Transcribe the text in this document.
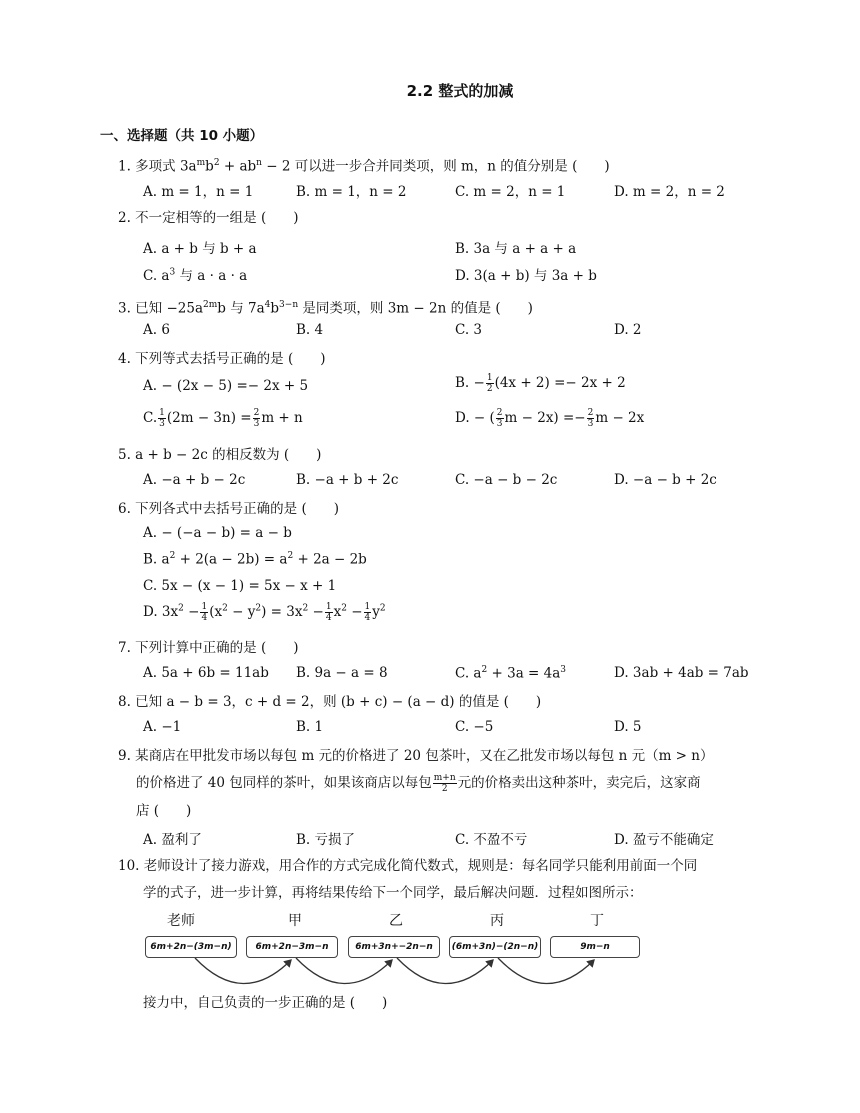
2.2 整式的加减
一、选择题（共 10 小题）
1. 多项式 $3a^mb^2 + ab^n - 2$ 可以进一步合并同类项，则 m，n 的值分别是 (　　)
A. m = 1，n = 1	B. m = 1，n = 2	C. m = 2，n = 1	D. m = 2，n = 2
2. 不一定相等的一组是 (　　)
A. a + b 与 b + a	B. 3a 与 a + a + a
C. $a^3$ 与 a · a · a	D. 3(a + b) 与 3a + b
3. 已知 $-25a^{2m}b$ 与 $7a^4b^{3-n}$ 是同类项，则 3m − 2n 的值是 (　　)
A. 6	B. 4	C. 3	D. 2
4. 下列等式去括号正确的是 (　　)
A. − (2x − 5) =− 2x + 5	B. − $\frac{1}{2} (4x + 2) =- 2x + 2$
C. $\frac{1}{3} (2m - 3n) = \frac{2}{3}$ m + n	D. − ( $\frac{2}{3}$ $m - 2x) =- \frac{2}{3}$ m − 2x
5. a + b − 2c 的相反数为 (　　)
A. −a + b − 2c	B. −a + b + 2c	C. −a − b − 2c	D. −a − b + 2c
6. 下列各式中去括号正确的是 (　　)
A. − (−a − b) = a − b
B. $a^2 + 2(a - 2b) = a^2 + 2a - 2b$
C. 5x − (x − 1) = 5x − x + 1
D. $3x^2 - \frac{1}{4} (x^2 - y^2) = 3x^2 - \frac{1}{4} x^2 - \frac{1}{4} y^2$
7. 下列计算中正确的是 (　　)
A. 5a + 6b = 11ab B. 9a − a = 8	C. $a^2 + 3a = 4a^3$	D. 3ab + 4ab = 7ab
8. 已知 a − b = 3，c + d = 2，则 (b + c) − (a − d) 的值是 (　　)
A. −1	B. 1	C. −5	D. 5
9. 某商店在甲批发市场以每包 m 元的价格进了 20 包茶叶，又在乙批发市场以每包 n 元（m > n）
的价格进了 40 包同样的茶叶，如果该商店以每包 $\frac{m+n}{2}$ 元的价格卖出这种茶叶，卖完后，这家商
店 (　　)
A. 盈利了	B. 亏损了	C. 不盈不亏	D. 盈亏不能确定
10. 老师设计了接力游戏，用合作的方式完成化简代数式，规则是：每名同学只能利用前面一个同
学的式子，进一步计算，再将结果传给下一个同学，最后解决问题．过程如图所示：
老师	甲	乙	丙	丁
6m+2n−(3m−n)	6m+2n−3m−n	6m+3n+−2n−n	(6m+3n)−(2n−n)	9m−n
接力中，自己负责的一步正确的是 (　　)
